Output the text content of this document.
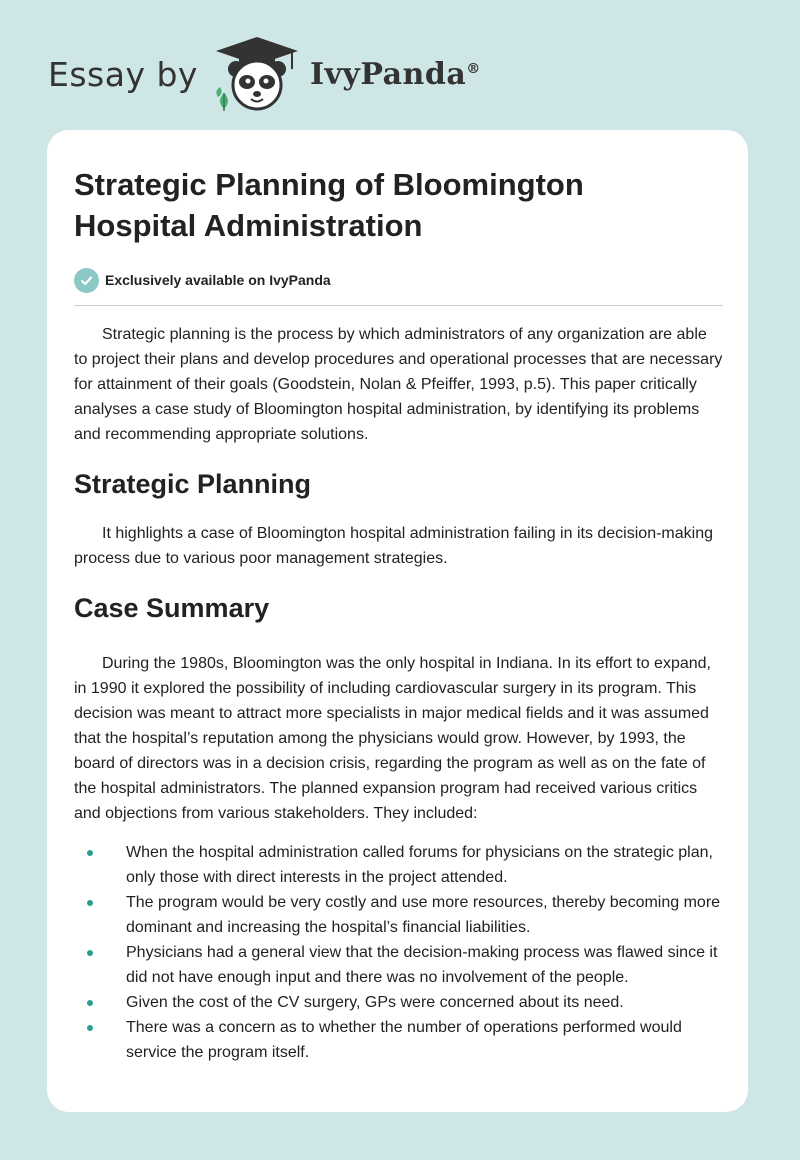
Essay by	IvyPanda®
Strategic Planning of Bloomington
Hospital Administration
Exclusively available on IvyPanda

Strategic planning is the process by which administrators of any organization are able to project their plans and develop procedures and operational processes that are necessary for attainment of their goals (Goodstein, Nolan & Pfeiffer, 1993, p.5). This paper critically analyses a case study of Bloomington hospital administration, by identifying its problems and recommending appropriate solutions.

Strategic Planning

It highlights a case of Bloomington hospital administration failing in its decision-making process due to various poor management strategies.

Case Summary

During the 1980s, Bloomington was the only hospital in Indiana. In its effort to expand, in 1990 it explored the possibility of including cardiovascular surgery in its program. This decision was meant to attract more specialists in major medical fields and it was assumed that the hospital’s reputation among the physicians would grow. However, by 1993, the board of directors was in a decision crisis, regarding the program as well as on the fate of the hospital administrators. The planned expansion program had received various critics and objections from various stakeholders. They included:

When the hospital administration called forums for physicians on the strategic plan, only those with direct interests in the project attended.
The program would be very costly and use more resources, thereby becoming more dominant and increasing the hospital’s financial liabilities.
Physicians had a general view that the decision-making process was flawed since it did not have enough input and there was no involvement of the people.
Given the cost of the CV surgery, GPs were concerned about its need.
There was a concern as to whether the number of operations performed would service the program itself.
